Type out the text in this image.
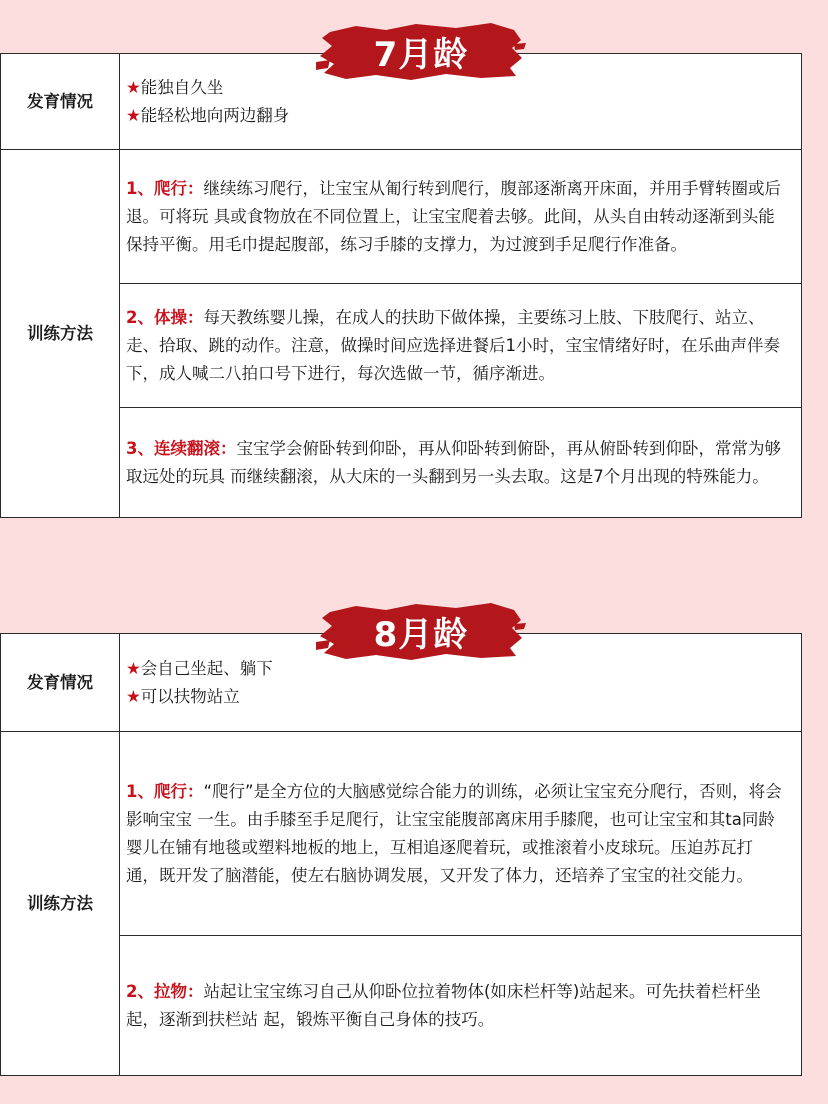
7月龄
发育情况	★能独自久坐

★能轻松地向两边翻身

训练方法	1、爬行：继续练习爬行，让宝宝从匍行转到爬行，腹部逐渐离开床面，并用手臂转圈或后退。可将玩 具或食物放在不同位置上，让宝宝爬着去够。此间，从头自由转动逐渐到头能保持平衡。用毛巾提起腹部，练习手膝的支撑力，为过渡到手足爬行作准备。

	2、体操：每天教练婴儿操，在成人的扶助下做体操，主要练习上肢、下肢爬行、站立、走、拾取、跳的动作。注意，做操时间应选择进餐后1小时，宝宝情绪好时，在乐曲声伴奏下，成人喊二八拍口号下进行，每次选做一节，循序渐进。

	3、连续翻滚：宝宝学会俯卧转到仰卧，再从仰卧转到俯卧，再从俯卧转到仰卧，常常为够取远处的玩具 而继续翻滚，从大床的一头翻到另一头去取。这是7个月出现的特殊能力。

8月龄
发育情况	★会自己坐起、躺下

★可以扶物站立

训练方法	1、爬行：“爬行”是全方位的大脑感觉综合能力的训练，必须让宝宝充分爬行，否则，将会影响宝宝 一生。由手膝至手足爬行，让宝宝能腹部离床用手膝爬，也可让宝宝和其ta同龄婴儿在铺有地毯或塑料地板的地上，互相追逐爬着玩，或推滚着小皮球玩。压迫苏瓦打 通，既开发了脑潜能，使左右脑协调发展，又开发了体力，还培养了宝宝的社交能力。

	2、拉物：站起让宝宝练习自己从仰卧位拉着物体(如床栏杆等)站起来。可先扶着栏杆坐起，逐渐到扶栏站 起，锻炼平衡自己身体的技巧。
